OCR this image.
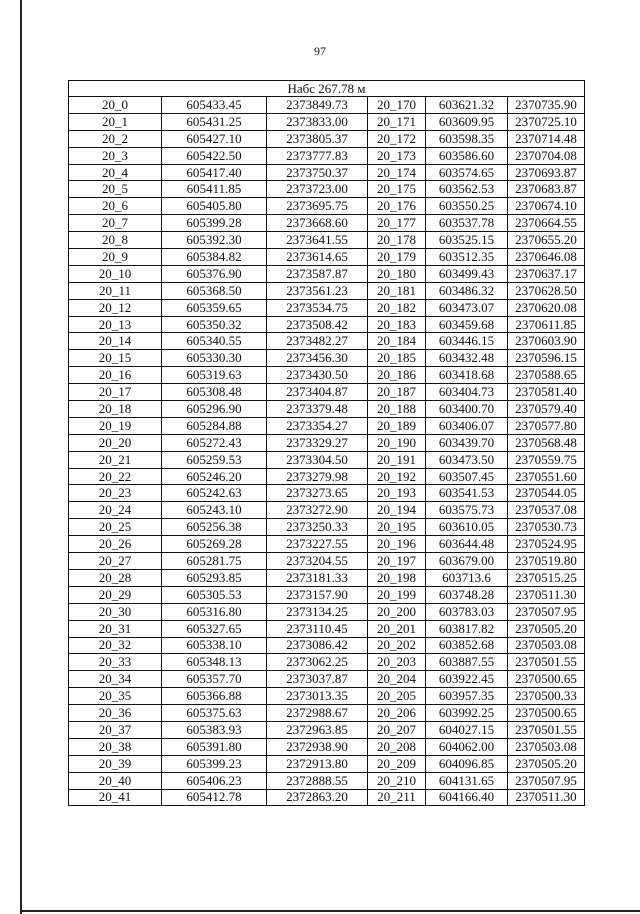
97
Набс 267.78 м					
20_0	605433.45	2373849.73	20_170	603621.32	2370735.90
20_1	605431.25	2373833.00	20_171	603609.95	2370725.10
20_2	605427.10	2373805.37	20_172	603598.35	2370714.48
20_3	605422.50	2373777.83	20_173	603586.60	2370704.08
20_4	605417.40	2373750.37	20_174	603574.65	2370693.87
20_5	605411.85	2373723.00	20_175	603562.53	2370683.87
20_6	605405.80	2373695.75	20_176	603550.25	2370674.10
20_7	605399.28	2373668.60	20_177	603537.78	2370664.55
20_8	605392.30	2373641.55	20_178	603525.15	2370655.20
20_9	605384.82	2373614.65	20_179	603512.35	2370646.08
20_10	605376.90	2373587.87	20_180	603499.43	2370637.17
20_11	605368.50	2373561.23	20_181	603486.32	2370628.50
20_12	605359.65	2373534.75	20_182	603473.07	2370620.08
20_13	605350.32	2373508.42	20_183	603459.68	2370611.85
20_14	605340.55	2373482.27	20_184	603446.15	2370603.90
20_15	605330.30	2373456.30	20_185	603432.48	2370596.15
20_16	605319.63	2373430.50	20_186	603418.68	2370588.65
20_17	605308.48	2373404.87	20_187	603404.73	2370581.40
20_18	605296.90	2373379.48	20_188	603400.70	2370579.40
20_19	605284.88	2373354.27	20_189	603406.07	2370577.80
20_20	605272.43	2373329.27	20_190	603439.70	2370568.48
20_21	605259.53	2373304.50	20_191	603473.50	2370559.75
20_22	605246.20	2373279.98	20_192	603507.45	2370551.60
20_23	605242.63	2373273.65	20_193	603541.53	2370544.05
20_24	605243.10	2373272.90	20_194	603575.73	2370537.08
20_25	605256.38	2373250.33	20_195	603610.05	2370530.73
20_26	605269.28	2373227.55	20_196	603644.48	2370524.95
20_27	605281.75	2373204.55	20_197	603679.00	2370519.80
20_28	605293.85	2373181.33	20_198	603713.6	2370515.25
20_29	605305.53	2373157.90	20_199	603748.28	2370511.30
20_30	605316.80	2373134.25	20_200	603783.03	2370507.95
20_31	605327.65	2373110.45	20_201	603817.82	2370505.20
20_32	605338.10	2373086.42	20_202	603852.68	2370503.08
20_33	605348.13	2373062.25	20_203	603887.55	2370501.55
20_34	605357.70	2373037.87	20_204	603922.45	2370500.65
20_35	605366.88	2373013.35	20_205	603957.35	2370500.33
20_36	605375.63	2372988.67	20_206	603992.25	2370500.65
20_37	605383.93	2372963.85	20_207	604027.15	2370501.55
20_38	605391.80	2372938.90	20_208	604062.00	2370503.08
20_39	605399.23	2372913.80	20_209	604096.85	2370505.20
20_40	605406.23	2372888.55	20_210	604131.65	2370507.95
20_41	605412.78	2372863.20	20_211	604166.40	2370511.30
